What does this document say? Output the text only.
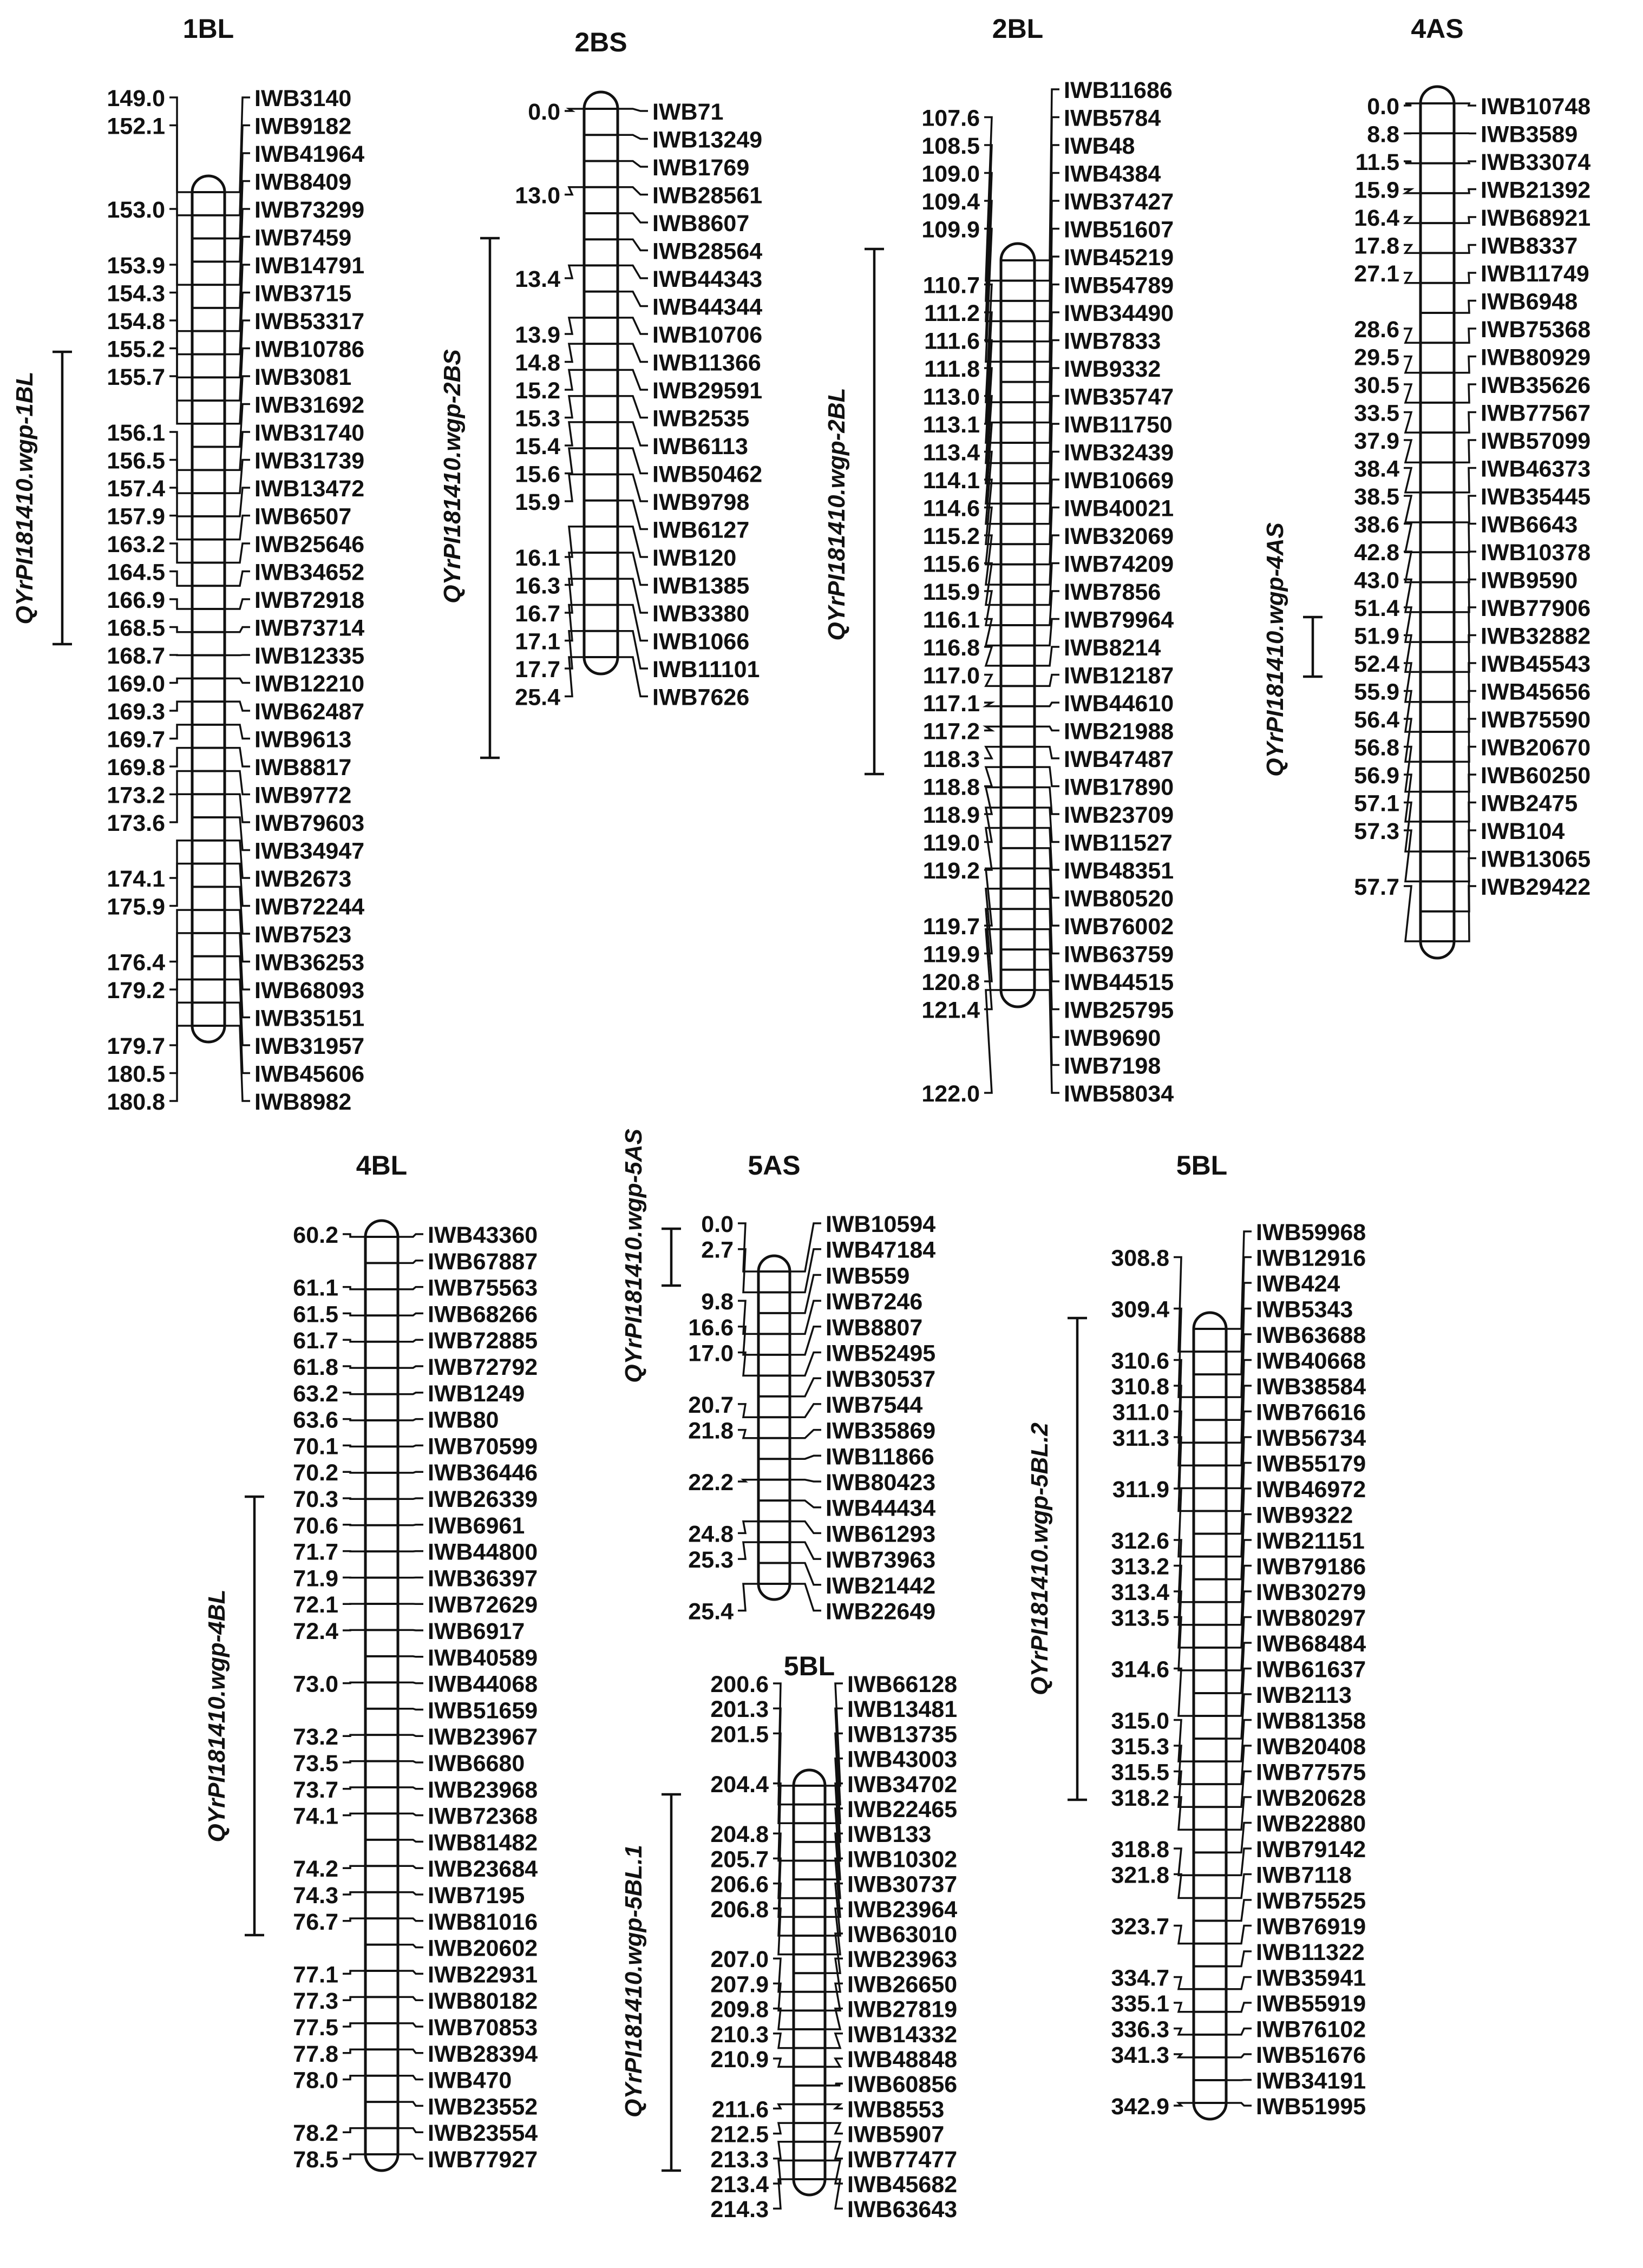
1BL
IWB3140
149.0
IWB9182
152.1
IWB41964
IWB8409
IWB73299
153.0
IWB7459
IWB14791
153.9
IWB3715
154.3
IWB53317
154.8
IWB10786
155.2
IWB3081
155.7
IWB31692
IWB31740
156.1
IWB31739
156.5
IWB13472
157.4
IWB6507
157.9
IWB25646
163.2
IWB34652
164.5
IWB72918
166.9
IWB73714
168.5
IWB12335
168.7
IWB12210
169.0
IWB62487
169.3
IWB9613
169.7
IWB8817
169.8
IWB9772
173.2
IWB79603
173.6
IWB34947
IWB2673
174.1
IWB72244
175.9
IWB7523
IWB36253
176.4
IWB68093
179.2
IWB35151
IWB31957
179.7
IWB45606
180.5
IWB8982
180.8
QYrPI181410.wgp-1BL
2BS
IWB71
0.0
IWB13249
IWB1769
IWB28561
13.0
IWB8607
IWB28564
IWB44343
13.4
IWB44344
IWB10706
13.9
IWB11366
14.8
IWB29591
15.2
IWB2535
15.3
IWB6113
15.4
IWB50462
15.6
IWB9798
15.9
IWB6127
IWB120
16.1
IWB1385
16.3
IWB3380
16.7
IWB1066
17.1
IWB11101
17.7
IWB7626
25.4
QYrPI181410.wgp-2BS
2BL
IWB11686
IWB5784
107.6
IWB48
108.5
IWB4384
109.0
IWB37427
109.4
IWB51607
109.9
IWB45219
IWB54789
110.7
IWB34490
111.2
IWB7833
111.6
IWB9332
111.8
IWB35747
113.0
IWB11750
113.1
IWB32439
113.4
IWB10669
114.1
IWB40021
114.6
IWB32069
115.2
IWB74209
115.6
IWB7856
115.9
IWB79964
116.1
IWB8214
116.8
IWB12187
117.0
IWB44610
117.1
IWB21988
117.2
IWB47487
118.3
IWB17890
118.8
IWB23709
118.9
IWB11527
119.0
IWB48351
119.2
IWB80520
IWB76002
119.7
IWB63759
119.9
IWB44515
120.8
IWB25795
121.4
IWB9690
IWB7198
IWB58034
122.0
QYrPI181410.wgp-2BL
4AS
IWB10748
0.0
IWB3589
8.8
IWB33074
11.5
IWB21392
15.9
IWB68921
16.4
IWB8337
17.8
IWB11749
27.1
IWB6948
IWB75368
28.6
IWB80929
29.5
IWB35626
30.5
IWB77567
33.5
IWB57099
37.9
IWB46373
38.4
IWB35445
38.5
IWB6643
38.6
IWB10378
42.8
IWB9590
43.0
IWB77906
51.4
IWB32882
51.9
IWB45543
52.4
IWB45656
55.9
IWB75590
56.4
IWB20670
56.8
IWB60250
56.9
IWB2475
57.1
IWB104
57.3
IWB13065
IWB29422
57.7
QYrPI181410.wgp-4AS
4BL
IWB43360
60.2
IWB67887
IWB75563
61.1
IWB68266
61.5
IWB72885
61.7
IWB72792
61.8
IWB1249
63.2
IWB80
63.6
IWB70599
70.1
IWB36446
70.2
IWB26339
70.3
IWB6961
70.6
IWB44800
71.7
IWB36397
71.9
IWB72629
72.1
IWB6917
72.4
IWB40589
IWB44068
73.0
IWB51659
IWB23967
73.2
IWB6680
73.5
IWB23968
73.7
IWB72368
74.1
IWB81482
IWB23684
74.2
IWB7195
74.3
IWB81016
76.7
IWB20602
IWB22931
77.1
IWB80182
77.3
IWB70853
77.5
IWB28394
77.8
IWB470
78.0
IWB23552
IWB23554
78.2
IWB77927
78.5
QYrPI181410.wgp-4BL
5AS
IWB10594
0.0
IWB47184
2.7
IWB559
IWB7246
9.8
IWB8807
16.6
IWB52495
17.0
IWB30537
IWB7544
20.7
IWB35869
21.8
IWB11866
IWB80423
22.2
IWB44434
IWB61293
24.8
IWB73963
25.3
IWB21442
IWB22649
25.4
QYrPI181410.wgp-5AS
5BL
IWB66128
200.6
IWB13481
201.3
IWB13735
201.5
IWB43003
IWB34702
204.4
IWB22465
IWB133
204.8
IWB10302
205.7
IWB30737
206.6
IWB23964
206.8
IWB63010
IWB23963
207.0
IWB26650
207.9
IWB27819
209.8
IWB14332
210.3
IWB48848
210.9
IWB60856
IWB8553
211.6
IWB5907
212.5
IWB77477
213.3
IWB45682
213.4
IWB63643
214.3
QYrPI181410.wgp-5BL.1
5BL
IWB59968
IWB12916
308.8
IWB424
IWB5343
309.4
IWB63688
IWB40668
310.6
IWB38584
310.8
IWB76616
311.0
IWB56734
311.3
IWB55179
IWB46972
311.9
IWB9322
IWB21151
312.6
IWB79186
313.2
IWB30279
313.4
IWB80297
313.5
IWB68484
IWB61637
314.6
IWB2113
IWB81358
315.0
IWB20408
315.3
IWB77575
315.5
IWB20628
318.2
IWB22880
IWB79142
318.8
IWB7118
321.8
IWB75525
IWB76919
323.7
IWB11322
IWB35941
334.7
IWB55919
335.1
IWB76102
336.3
IWB51676
341.3
IWB34191
IWB51995
342.9
QYrPI181410.wgp-5BL.2
